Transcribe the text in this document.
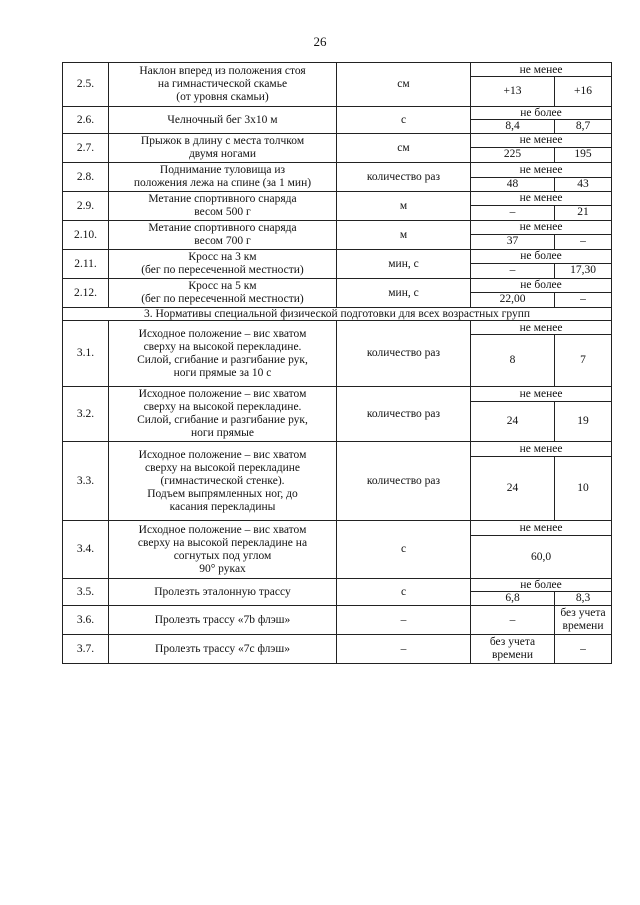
26
2.5.	Наклон вперед из положения стоя
на гимнастической скамье
(от уровня скамьи)	см	не менее	
			+13	+16
2.6.	Челночный бег 3х10 м	с	не более	
			8,4	8,7
2.7.	Прыжок в длину с места толчком
двумя ногами	см	не менее	
			225	195
2.8.	Поднимание туловища из
положения лежа на спине (за 1 мин)	количество раз	не менее	
			48	43
2.9.	Метание спортивного снаряда
весом 500 г	м	не менее	
			–	21
2.10.	Метание спортивного снаряда
весом 700 г	м	не менее	
			37	–
2.11.	Кросс на 3 км
(бег по пересеченной местности)	мин, с	не более	
			–	17,30
2.12.	Кросс на 5 км
(бег по пересеченной местности)	мин, с	не более	
			22,00	–
3. Нормативы специальной физической подготовки для всех возрастных групп				
3.1.	Исходное положение – вис хватом
сверху на высокой перекладине.
Силой, сгибание и разгибание рук,
ноги прямые за 10 с	количество раз	не менее	
			8	7
3.2.	Исходное положение – вис хватом
сверху на высокой перекладине.
Силой, сгибание и разгибание рук,
ноги прямые	количество раз	не менее	
			24	19
3.3.	Исходное положение – вис хватом
сверху на высокой перекладине
(гимнастической стенке).
Подъем выпрямленных ног, до
касания перекладины	количество раз	не менее	
			24	10
3.4.	Исходное положение – вис хватом
сверху на высокой перекладине на
согнутых под углом
90° руках	с	не менее	
			60,0	
3.5.	Пролезть эталонную трассу	с	не более	
			6,8	8,3
3.6.	Пролезть трассу «7b флэш»	–	–	без учета
времени
3.7.	Пролезть трассу «7c флэш»	–	без учета
времени	–
